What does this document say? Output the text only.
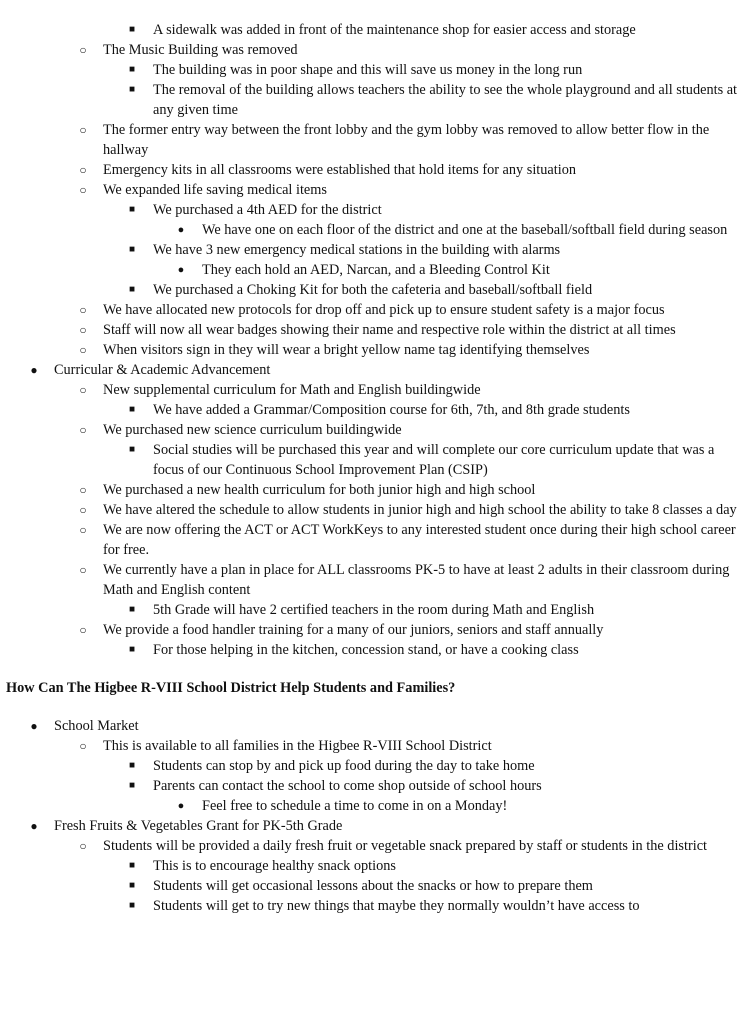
■ A sidewalk was added in front of the maintenance shop for easier access and storage
○ The Music Building was removed
■ The building was in poor shape and this will save us money in the long run
■ The removal of the building allows teachers the ability to see the whole playground and all students at any given time
○ The former entry way between the front lobby and the gym lobby was removed to allow better flow in the hallway
○ Emergency kits in all classrooms were established that hold items for any situation
○ We expanded life saving medical items
■ We purchased a 4th AED for the district
● We have one on each floor of the district and one at the baseball/softball field during season
■ We have 3 new emergency medical stations in the building with alarms
● They each hold an AED, Narcan, and a Bleeding Control Kit
■ We purchased a Choking Kit for both the cafeteria and baseball/softball field
○ We have allocated new protocols for drop off and pick up to ensure student safety is a major focus
○ Staff will now all wear badges showing their name and respective role within the district at all times
○ When visitors sign in they will wear a bright yellow name tag identifying themselves
● Curricular & Academic Advancement
○ New supplemental curriculum for Math and English buildingwide
■ We have added a Grammar/Composition course for 6th, 7th, and 8th grade students
○ We purchased new science curriculum buildingwide
■ Social studies will be purchased this year and will complete our core curriculum update that was a focus of our Continuous School Improvement Plan (CSIP)
○ We purchased a new health curriculum for both junior high and high school
○ We have altered the schedule to allow students in junior high and high school the ability to take 8 classes a day
○ We are now offering the ACT or ACT WorkKeys to any interested student once during their high school career for free.
○ We currently have a plan in place for ALL classrooms PK-5 to have at least 2 adults in their classroom during Math and English content
■ 5th Grade will have 2 certified teachers in the room during Math and English
○ We provide a food handler training for a many of our juniors, seniors and staff annually
■ For those helping in the kitchen, concession stand, or have a cooking class
How Can The Higbee R-VIII School District Help Students and Families?
● School Market
○ This is available to all families in the Higbee R-VIII School District
■ Students can stop by and pick up food during the day to take home
■ Parents can contact the school to come shop outside of school hours
● Feel free to schedule a time to come in on a Monday!
● Fresh Fruits & Vegetables Grant for PK-5th Grade
○ Students will be provided a daily fresh fruit or vegetable snack prepared by staff or students in the district
■ This is to encourage healthy snack options
■ Students will get occasional lessons about the snacks or how to prepare them
■ Students will get to try new things that maybe they normally wouldn’t have access to
